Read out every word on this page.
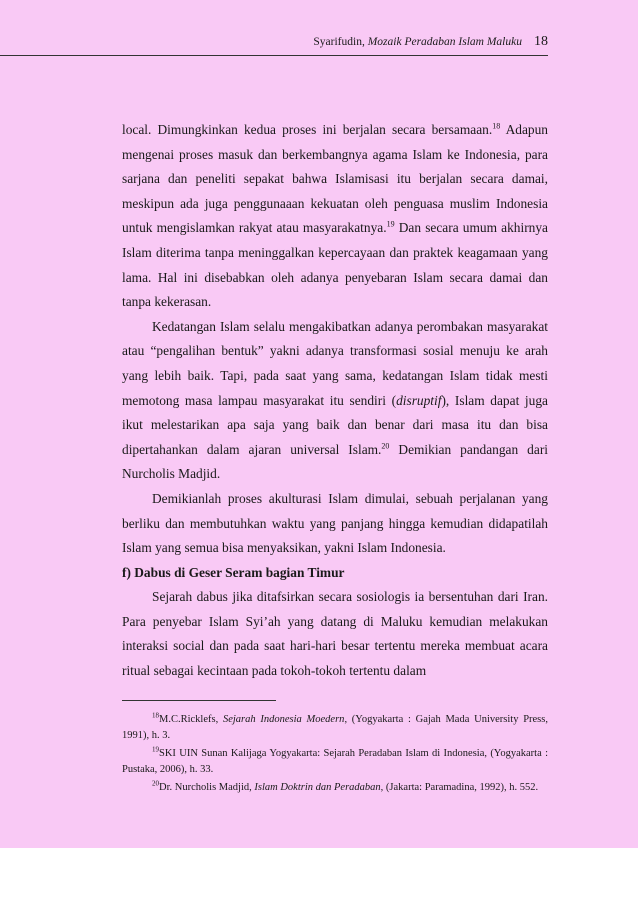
Syarifudin, Mozaik Peradaban Islam Maluku 18

local. Dimungkinkan kedua proses ini berjalan secara bersamaan.$^{18}$ Adapun mengenai proses masuk dan berkembangnya agama Islam ke Indonesia, para sarjana dan peneliti sepakat bahwa Islamisasi itu berjalan secara damai, meskipun ada juga penggunaaan kekuatan oleh penguasa muslim Indonesia untuk mengislamkan rakyat atau masyarakatnya.$^{19}$ Dan secara umum akhirnya Islam diterima tanpa meninggalkan kepercayaan dan praktek keagamaan yang lama. Hal ini disebabkan oleh adanya penyebaran Islam secara damai dan tanpa kekerasan.

Kedatangan Islam selalu mengakibatkan adanya perombakan masyarakat atau “pengalihan bentuk” yakni adanya transformasi sosial menuju ke arah yang lebih baik. Tapi, pada saat yang sama, kedatangan Islam tidak mesti memotong masa lampau masyarakat itu sendiri (disruptif), Islam dapat juga ikut melestarikan apa saja yang baik dan benar dari masa itu dan bisa dipertahankan dalam ajaran universal Islam.$^{20}$ Demikian pandangan dari Nurcholis Madjid.

Demikianlah proses akulturasi Islam dimulai, sebuah perjalanan yang berliku dan membutuhkan waktu yang panjang hingga kemudian didapatilah Islam yang semua bisa menyaksikan, yakni Islam Indonesia.

f) Dabus di Geser Seram bagian Timur

Sejarah dabus jika ditafsirkan secara sosiologis ia bersentuhan dari Iran. Para penyebar Islam Syi’ah yang datang di Maluku kemudian melakukan interaksi social dan pada saat hari-hari besar tertentu mereka membuat acara ritual sebagai kecintaan pada tokoh-tokoh tertentu dalam

$^{18}$M.C.Ricklefs, Sejarah Indonesia Moedern, (Yogyakarta : Gajah Mada University Press, 1991), h. 3.

$^{19}$SKI UIN Sunan Kalijaga Yogyakarta: Sejarah Peradaban Islam di Indonesia, (Yogyakarta : Pustaka, 2006), h. 33.

$^{20}$Dr. Nurcholis Madjid, Islam Doktrin dan Peradaban, (Jakarta: Paramadina, 1992), h. 552.
